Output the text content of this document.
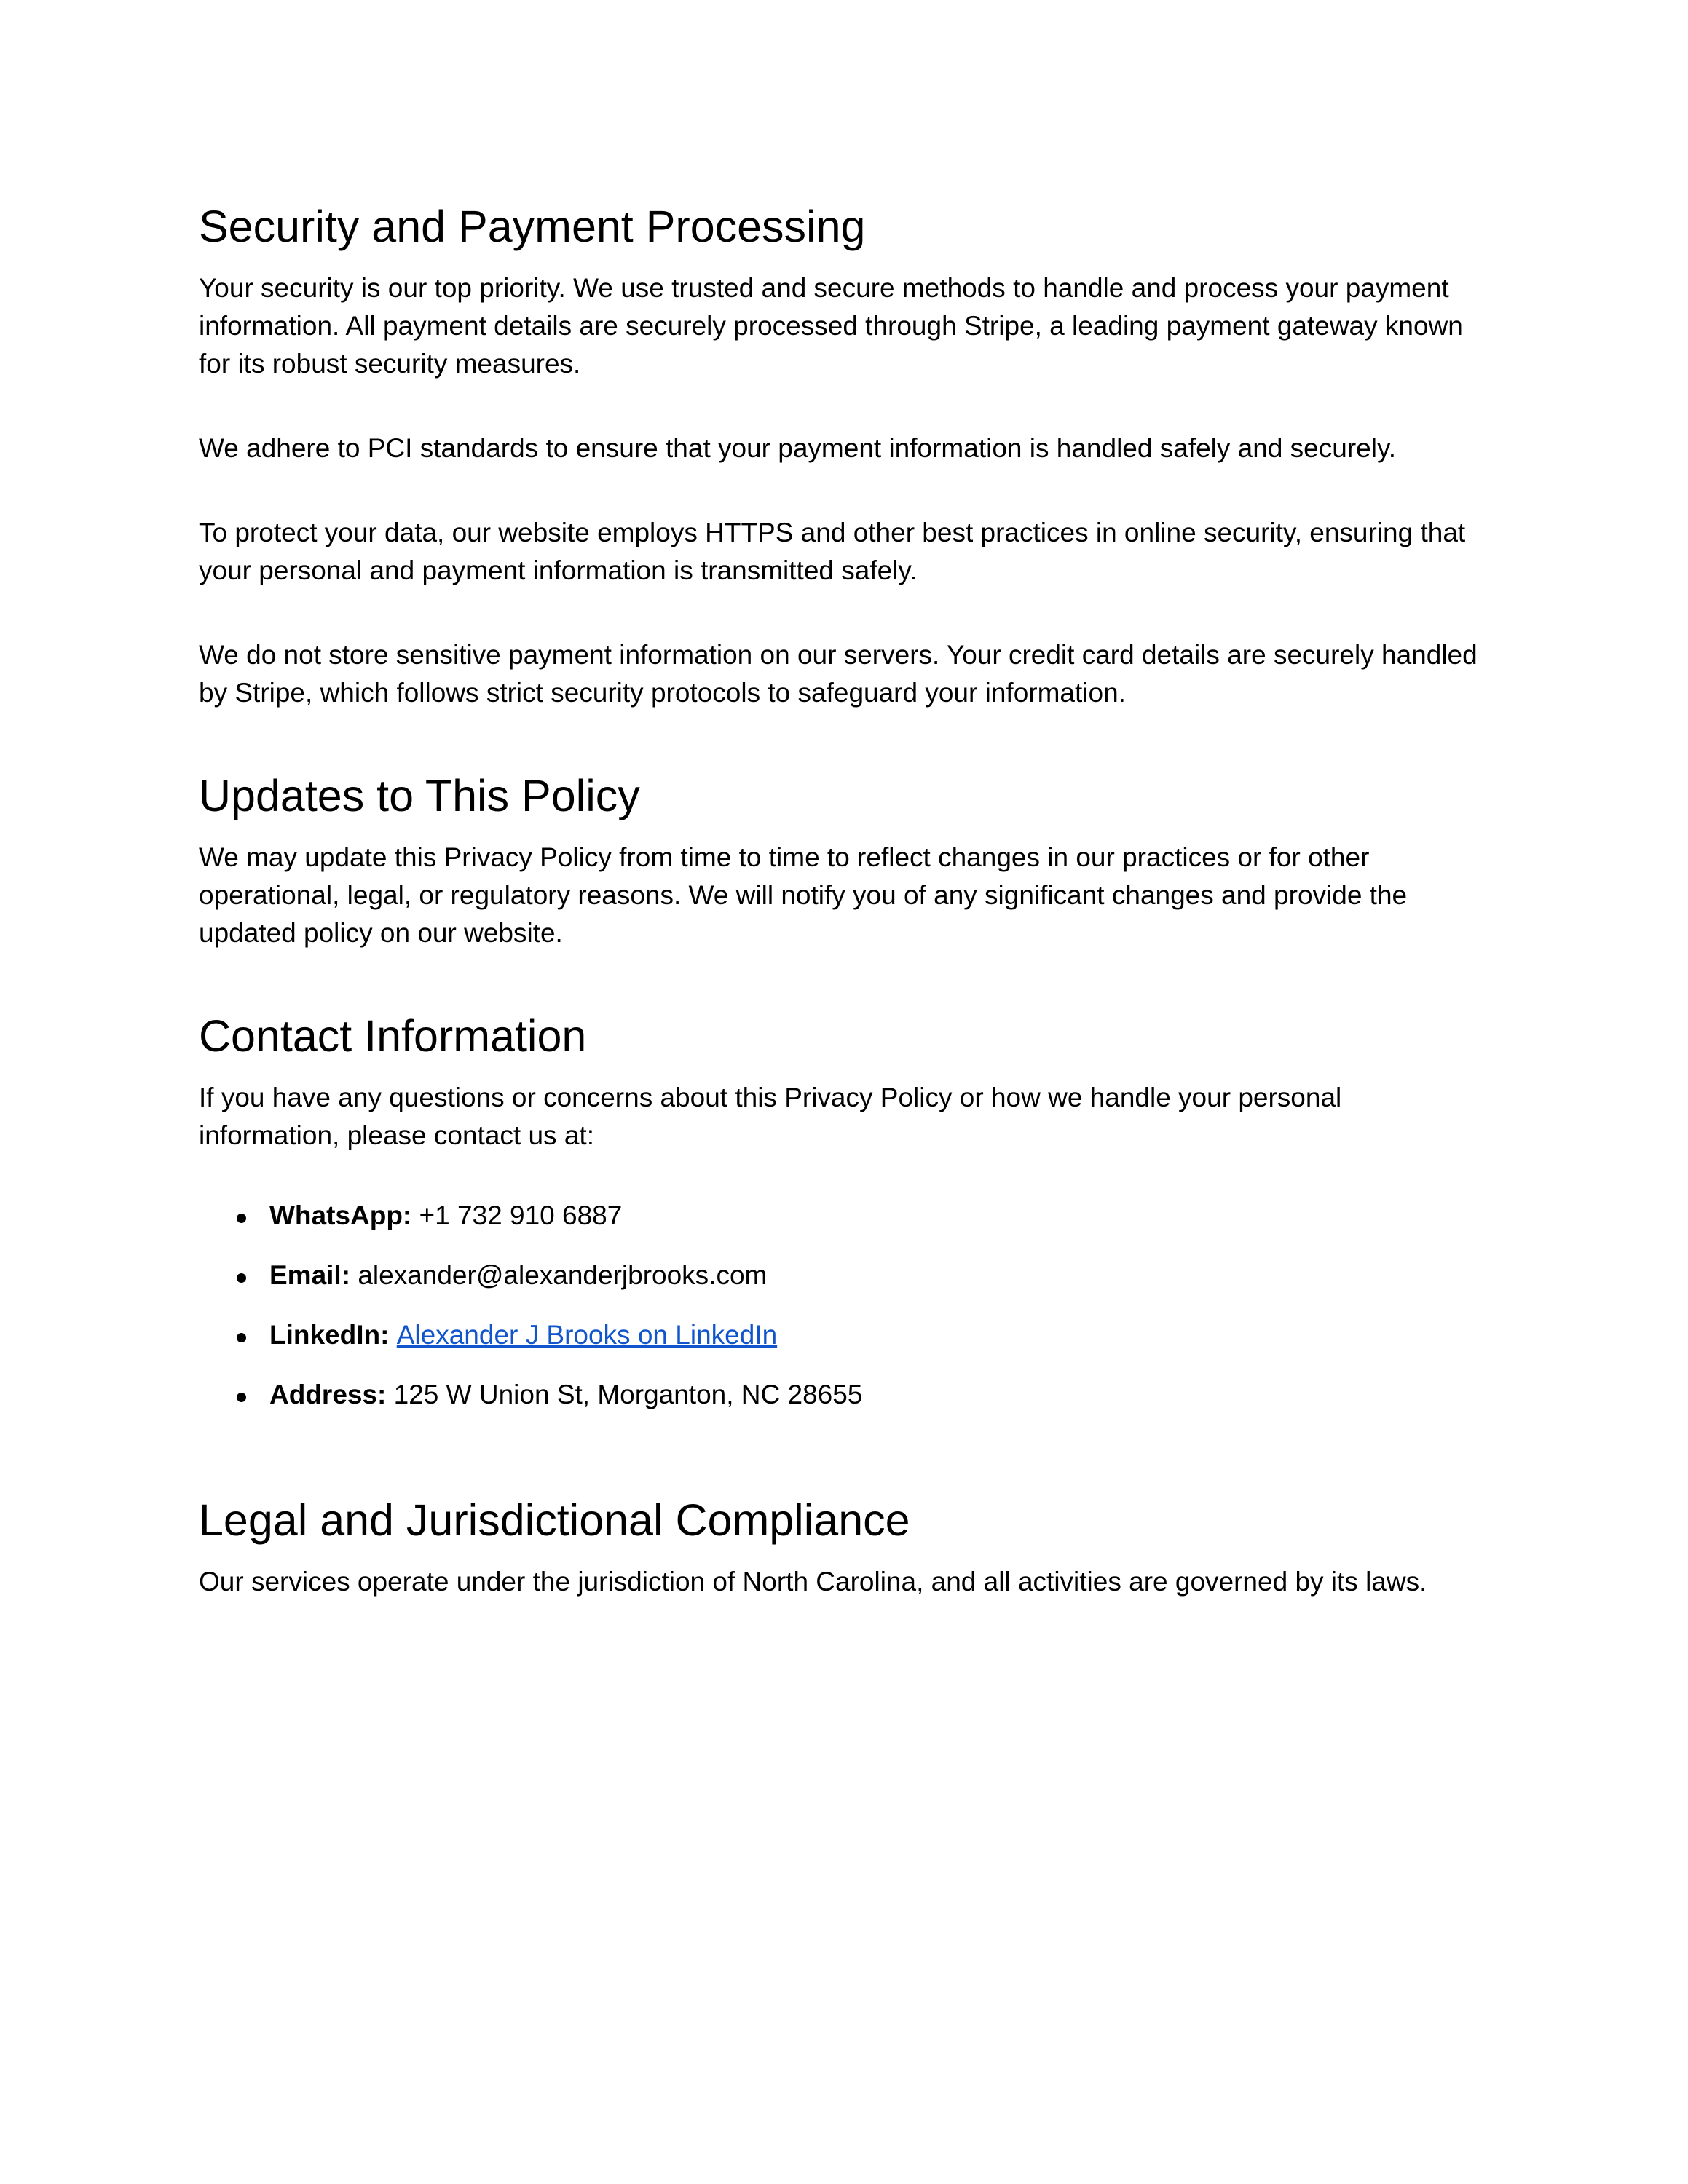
Security and Payment Processing

Your security is our top priority. We use trusted and secure methods to handle and process your payment information. All payment details are securely processed through Stripe, a leading payment gateway known for its robust security measures.

We adhere to PCI standards to ensure that your payment information is handled safely and securely.

To protect your data, our website employs HTTPS and other best practices in online security, ensuring that your personal and payment information is transmitted safely.

We do not store sensitive payment information on our servers. Your credit card details are securely handled by Stripe, which follows strict security protocols to safeguard your information.

Updates to This Policy

We may update this Privacy Policy from time to time to reflect changes in our practices or for other operational, legal, or regulatory reasons. We will notify you of any significant changes and provide the updated policy on our website.

Contact Information

If you have any questions or concerns about this Privacy Policy or how we handle your personal information, please contact us at:

WhatsApp: +1 732 910 6887
Email: alexander@alexanderjbrooks.com
LinkedIn: Alexander J Brooks on LinkedIn
Address: 125 W Union St, Morganton, NC 28655
Legal and Jurisdictional Compliance

Our services operate under the jurisdiction of North Carolina, and all activities are governed by its laws.
